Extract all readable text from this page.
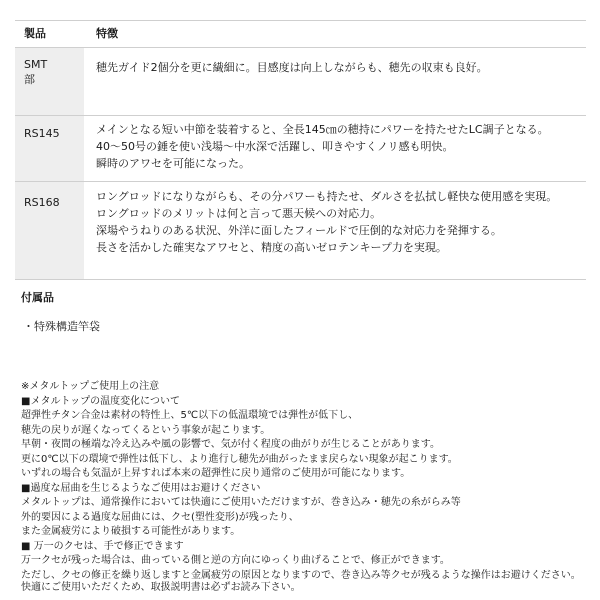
製品	特徴

SMT
部	穂先ガイド2個分を更に繊細に。目感度は向上しながらも、穂先の収束も良好。

RS145	メインとなる短い中節を装着すると、全長145㎝の穂持にパワーを持たせたLC調子となる。
40～50号の錘を使い浅場～中水深で活躍し、叩きやすくノリ感も明快。
瞬時のアワセを可能になった。

RS168	ロングロッドになりながらも、その分パワーも持たせ、ダルさを払拭し軽快な使用感を実現。
ロングロッドのメリットは何と言って悪天候への対応力。
深場やうねりのある状況、外洋に面したフィールドで圧倒的な対応力を発揮する。
長さを活かした確実なアワセと、精度の高いゼロテンキープ力を実現。
付属品
・特殊構造竿袋
※メタルトップご使用上の注意
■メタルトップの温度変化について
超弾性チタン合金は素材の特性上、5℃以下の低温環境では弾性が低下し、
穂先の戻りが遅くなってくるという事象が起こります。
早朝・夜間の極端な冷え込みや風の影響で、気が付く程度の曲がりが生じることがあります。
更に0℃以下の環境で弾性は低下し、より進行し穂先が曲がったまま戻らない現象が起こります。
いずれの場合も気温が上昇すれば本来の超弾性に戻り通常のご使用が可能になります。
■過度な屈曲を生じるようなご使用はお避けください
メタルトップは、通常操作においては快適にご使用いただけますが、巻き込み・穂先の糸がらみ等
外的要因による過度な屈曲には、クセ(塑性変形)が残ったり、
また金属疲労により破損する可能性があります。
■ 万一のクセは、手で修正できます
万一クセが残った場合は、曲っている側と逆の方向にゆっくり曲げることで、修正ができます。
ただし、クセの修正を繰り返しますと金属疲労の原因となりますので、巻き込み等クセが残るような操作はお避けください。
快適にご使用いただくため、取扱説明書は必ずお読み下さい。
